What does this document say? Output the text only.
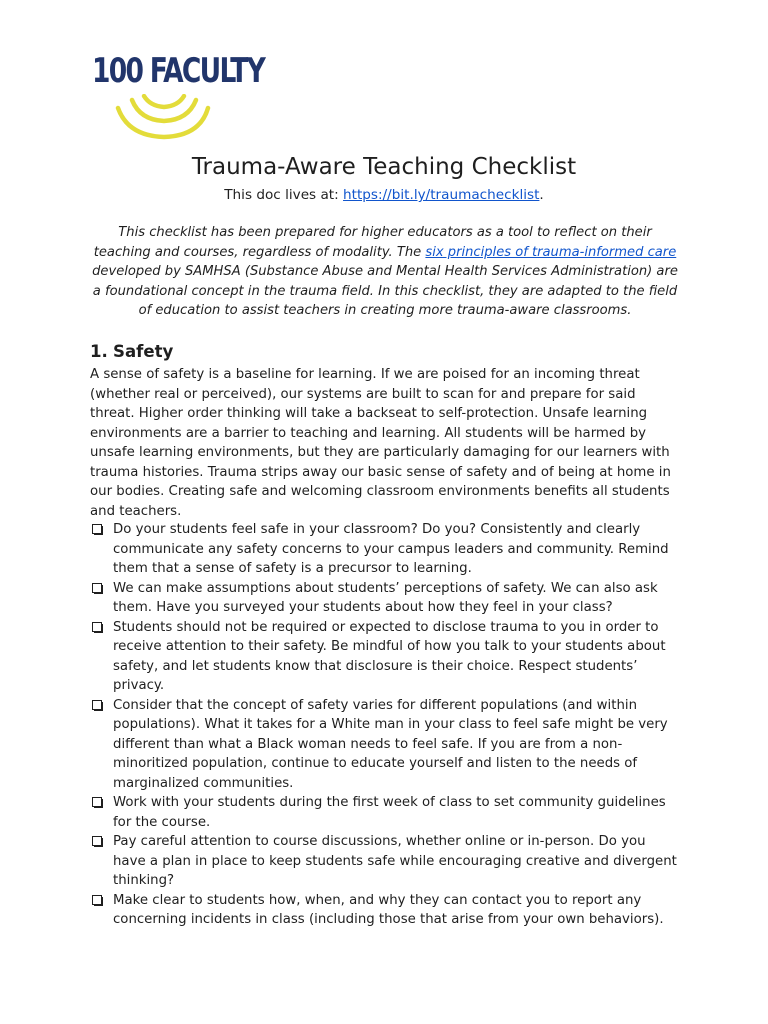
100 FACULTY
Trauma-Aware Teaching Checklist
This doc lives at: https://bit.ly/traumachecklist.
This checklist has been prepared for higher educators as a tool to reflect on their teaching and courses, regardless of modality. The six principles of trauma-informed care developed by SAMHSA (Substance Abuse and Mental Health Services Administration) are a foundational concept in the trauma field. In this checklist, they are adapted to the field of education to assist teachers in creating more trauma-aware classrooms.
1. Safety
A sense of safety is a baseline for learning. If we are poised for an incoming threat (whether real or perceived), our systems are built to scan for and prepare for said threat. Higher order thinking will take a backseat to self-protection. Unsafe learning environments are a barrier to teaching and learning. All students will be harmed by unsafe learning environments, but they are particularly damaging for our learners with trauma histories. Trauma strips away our basic sense of safety and of being at home in our bodies. Creating safe and welcoming classroom environments benefits all students and teachers.
Do your students feel safe in your classroom? Do you? Consistently and clearly communicate any safety concerns to your campus leaders and community. Remind them that a sense of safety is a precursor to learning.
We can make assumptions about students’ perceptions of safety. We can also ask them. Have you surveyed your students about how they feel in your class?
Students should not be required or expected to disclose trauma to you in order to receive attention to their safety. Be mindful of how you talk to your students about safety, and let students know that disclosure is their choice. Respect students’ privacy.
Consider that the concept of safety varies for different populations (and within populations). What it takes for a White man in your class to feel safe might be very different than what a Black woman needs to feel safe. If you are from a non-minoritized population, continue to educate yourself and listen to the needs of marginalized communities.
Work with your students during the first week of class to set community guidelines for the course.
Pay careful attention to course discussions, whether online or in-person. Do you have a plan in place to keep students safe while encouraging creative and divergent thinking?
Make clear to students how, when, and why they can contact you to report any concerning incidents in class (including those that arise from your own behaviors).
